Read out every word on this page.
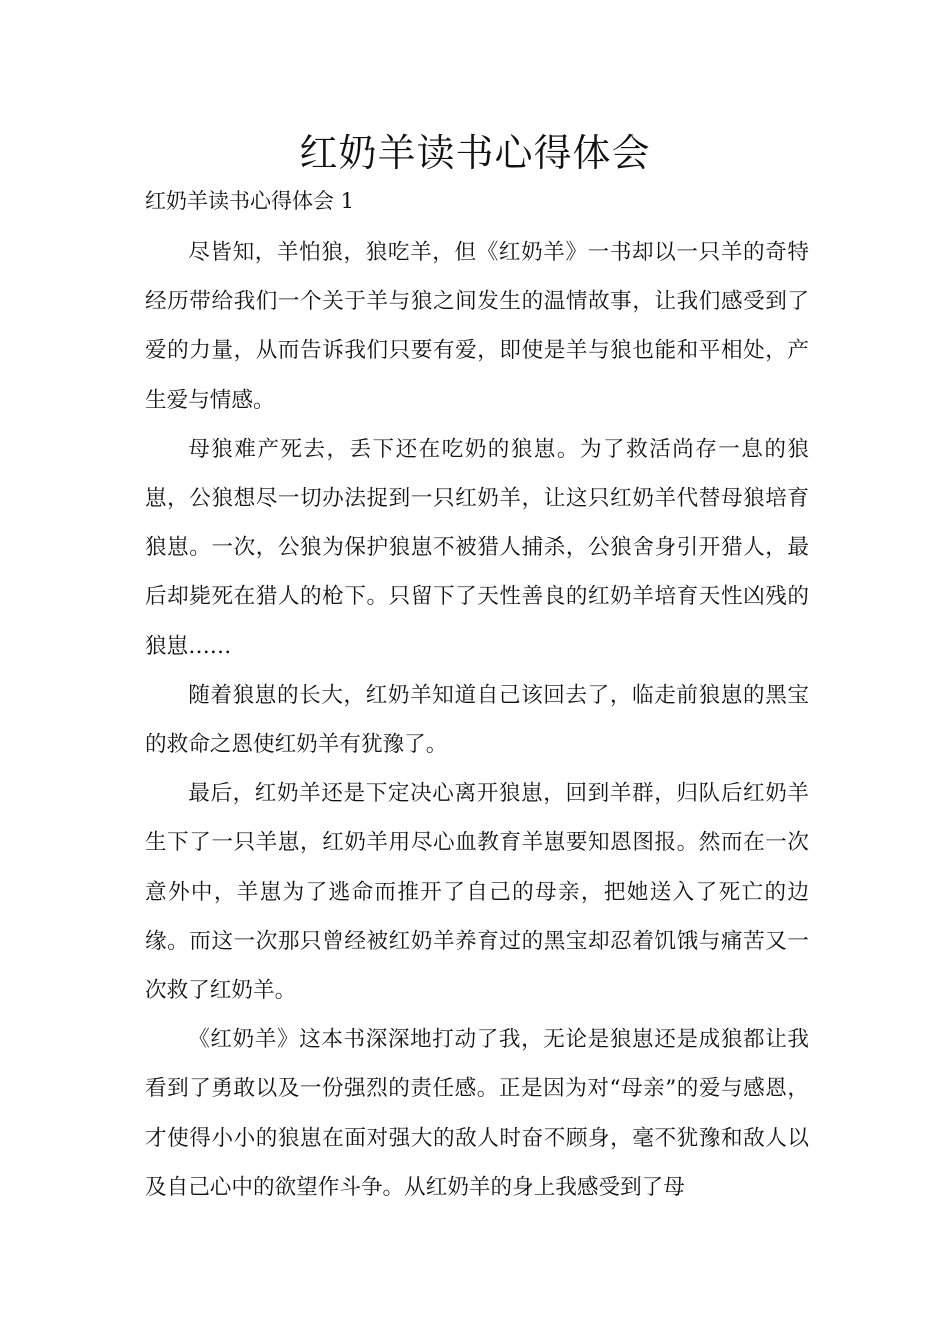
红奶羊读书心得体会

红奶羊读书心得体会 1

尽皆知，羊怕狼，狼吃羊，但《红奶羊》一书却以一只羊的奇特经历带给我们一个关于羊与狼之间发生的温情故事，让我们感受到了爱的力量，从而告诉我们只要有爱，即使是羊与狼也能和平相处，产生爱与情感。

母狼难产死去，丢下还在吃奶的狼崽。为了救活尚存一息的狼崽，公狼想尽一切办法捉到一只红奶羊，让这只红奶羊代替母狼培育狼崽。一次，公狼为保护狼崽不被猎人捕杀，公狼舍身引开猎人，最后却毙死在猎人的枪下。只留下了天性善良的红奶羊培育天性凶残的狼崽……

随着狼崽的长大，红奶羊知道自己该回去了，临走前狼崽的黑宝的救命之恩使红奶羊有犹豫了。

最后，红奶羊还是下定决心离开狼崽，回到羊群，归队后红奶羊生下了一只羊崽，红奶羊用尽心血教育羊崽要知恩图报。然而在一次意外中，羊崽为了逃命而推开了自己的母亲，把她送入了死亡的边缘。而这一次那只曾经被红奶羊养育过的黑宝却忍着饥饿与痛苦又一次救了红奶羊。

《红奶羊》这本书深深地打动了我，无论是狼崽还是成狼都让我看到了勇敢以及一份强烈的责任感。正是因为对“母亲”的爱与感恩，才使得小小的狼崽在面对强大的敌人时奋不顾身，毫不犹豫和敌人以及自己心中的欲望作斗争。从红奶羊的身上我感受到了母
